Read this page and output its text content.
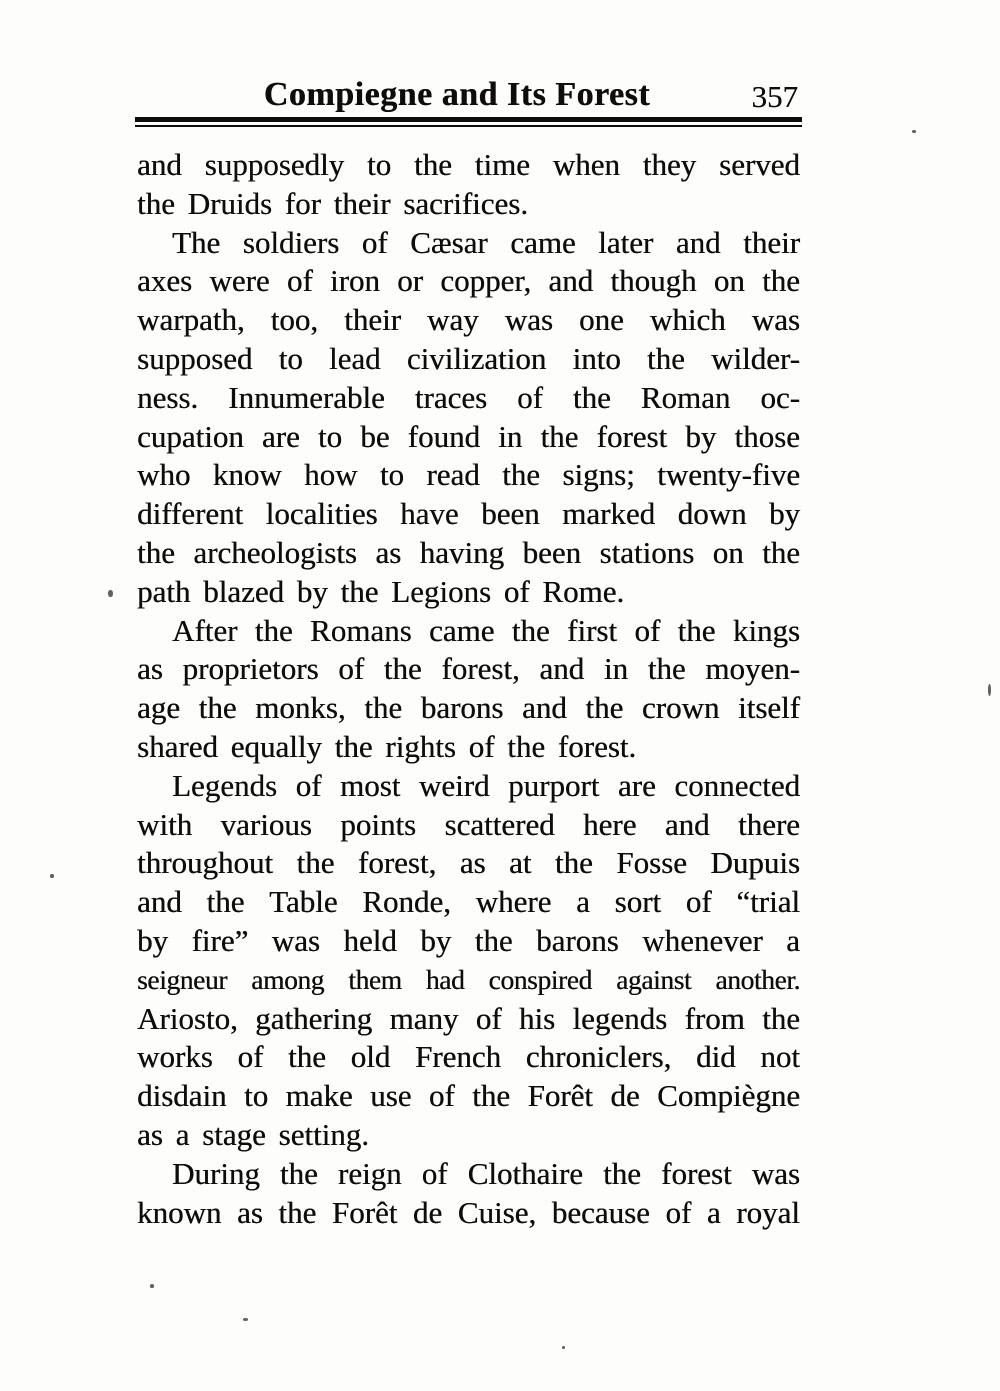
Compiegne and Its Forest	357
and supposedly to the time when they served
the Druids for their sacrifices.
The soldiers of Cæsar came later and their
axes were of iron or copper, and though on the
warpath, too, their way was one which was
supposed to lead civilization into the wilder-
ness. Innumerable traces of the Roman oc-
cupation are to be found in the forest by those
who know how to read the signs; twenty-five
different localities have been marked down by
the archeologists as having been stations on the
path blazed by the Legions of Rome.
After the Romans came the first of the kings
as proprietors of the forest, and in the moyen-
age the monks, the barons and the crown itself
shared equally the rights of the forest.
Legends of most weird purport are connected
with various points scattered here and there
throughout the forest, as at the Fosse Dupuis
and the Table Ronde, where a sort of “trial
by fire” was held by the barons whenever a
seigneur among them had conspired against another.
Ariosto, gathering many of his legends from the
works of the old French chroniclers, did not
disdain to make use of the Forêt de Compiègne
as a stage setting.
During the reign of Clothaire the forest was
known as the Forêt de Cuise, because of a royal
